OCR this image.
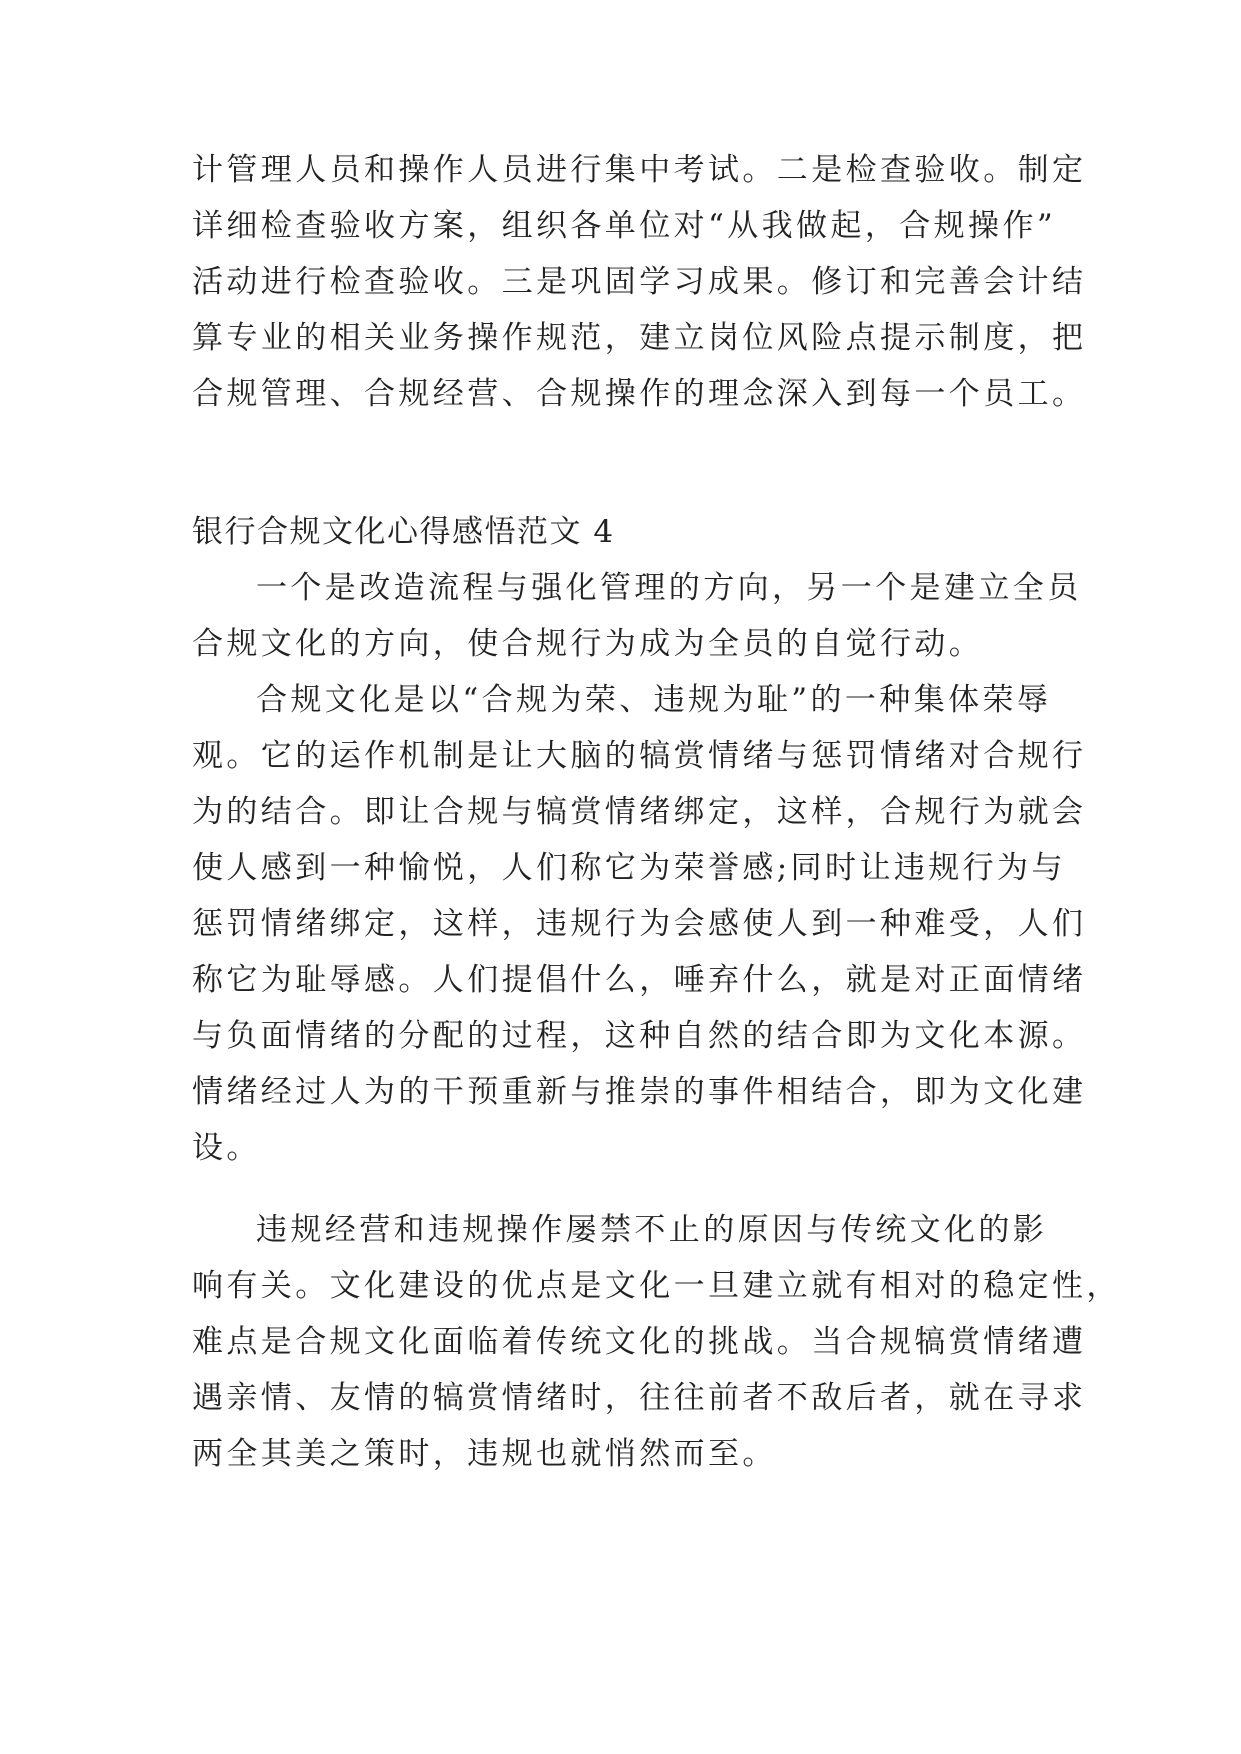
计管理人员和操作人员进行集中考试。二是检查验收。制定
详细检查验收方案，组织各单位对“从我做起，合规操作”
活动进行检查验收。三是巩固学习成果。修订和完善会计结
算专业的相关业务操作规范，建立岗位风险点提示制度，把
合规管理、合规经营、合规操作的理念深入到每一个员工。
银行合规文化心得感悟范文 4
一个是改造流程与强化管理的方向，另一个是建立全员
合规文化的方向，使合规行为成为全员的自觉行动。
合规文化是以“合规为荣、违规为耻”的一种集体荣辱
观。它的运作机制是让大脑的犒赏情绪与惩罚情绪对合规行
为的结合。即让合规与犒赏情绪绑定，这样，合规行为就会
使人感到一种愉悦，人们称它为荣誉感;同时让违规行为与
惩罚情绪绑定，这样，违规行为会感使人到一种难受，人们
称它为耻辱感。人们提倡什么，唾弃什么，就是对正面情绪
与负面情绪的分配的过程，这种自然的结合即为文化本源。
情绪经过人为的干预重新与推崇的事件相结合，即为文化建
设。
违规经营和违规操作屡禁不止的原因与传统文化的影
响有关。文化建设的优点是文化一旦建立就有相对的稳定性，
难点是合规文化面临着传统文化的挑战。当合规犒赏情绪遭
遇亲情、友情的犒赏情绪时，往往前者不敌后者，就在寻求
两全其美之策时，违规也就悄然而至。
